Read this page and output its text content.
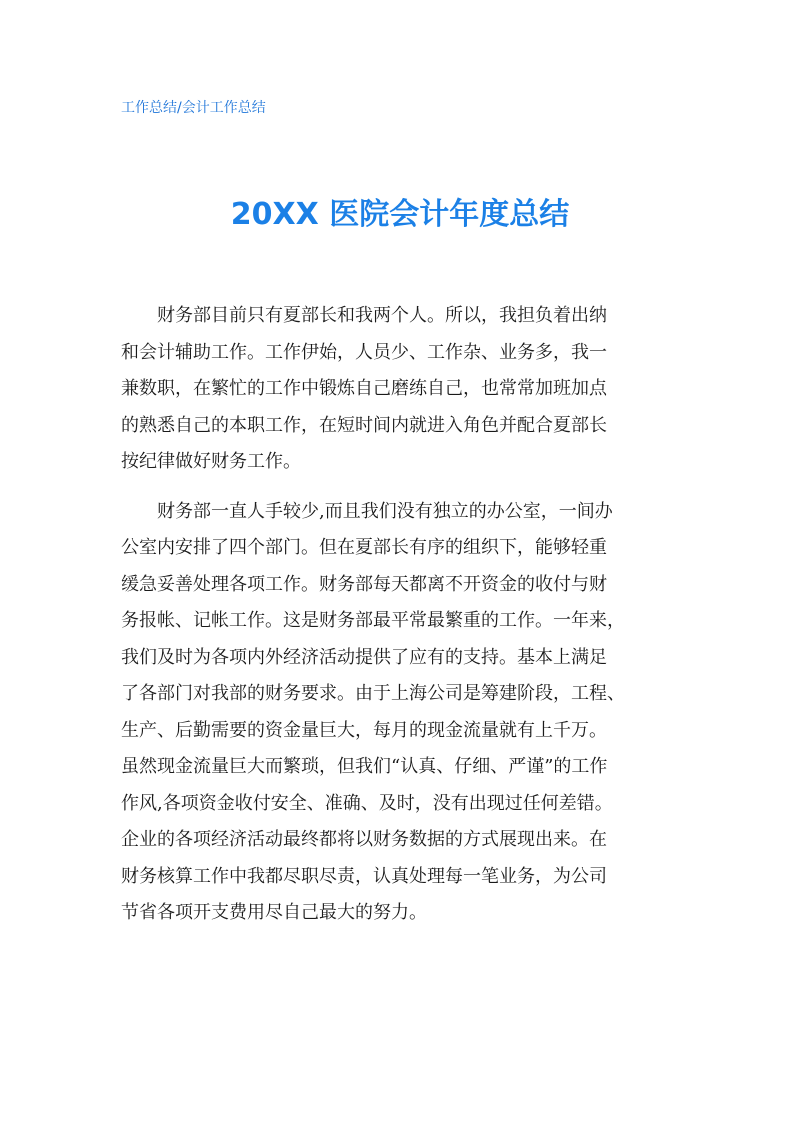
工作总结/会计工作总结
20XX 医院会计年度总结

财务部目前只有夏部长和我两个人。所以，我担负着出纳
和会计辅助工作。工作伊始，人员少、工作杂、业务多，我一
兼数职，在繁忙的工作中锻炼自己磨练自己，也常常加班加点
的熟悉自己的本职工作，在短时间内就进入角色并配合夏部长
按纪律做好财务工作。

财务部一直人手较少,而且我们没有独立的办公室，一间办
公室内安排了四个部门。但在夏部长有序的组织下，能够轻重
缓急妥善处理各项工作。财务部每天都离不开资金的收付与财
务报帐、记帐工作。这是财务部最平常最繁重的工作。一年来，
我们及时为各项内外经济活动提供了应有的支持。基本上满足
了各部门对我部的财务要求。由于上海公司是筹建阶段，工程、
生产、后勤需要的资金量巨大，每月的现金流量就有上千万。
虽然现金流量巨大而繁琐，但我们“认真、仔细、严谨”的工作
作风,各项资金收付安全、准确、及时，没有出现过任何差错。
企业的各项经济活动最终都将以财务数据的方式展现出来。在
财务核算工作中我都尽职尽责，认真处理每一笔业务，为公司
节省各项开支费用尽自己最大的努力。
